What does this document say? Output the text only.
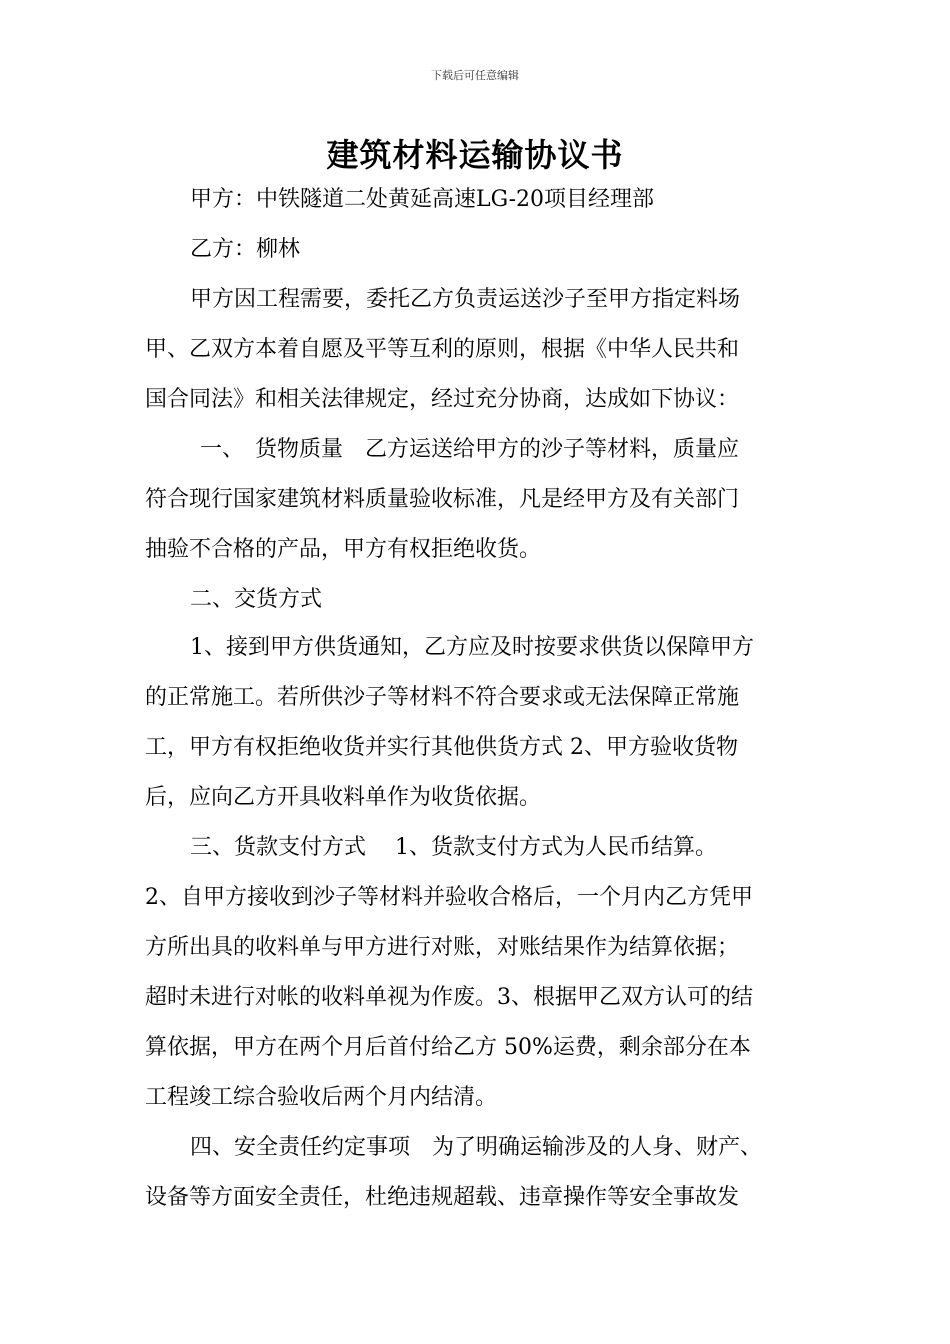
下载后可任意编辑
建筑材料运输协议书
甲方：中铁隧道二处黄延高速LG-20项目经理部
乙方：柳林
甲方因工程需要，委托乙方负责运送沙子至甲方指定料场
甲、乙双方本着自愿及平等互利的原则，根据《中华人民共和
国合同法》和相关法律规定，经过充分协商，达成如下协议：
一、　货物质量　乙方运送给甲方的沙子等材料，质量应
符合现行国家建筑材料质量验收标准，凡是经甲方及有关部门
抽验不合格的产品，甲方有权拒绝收货。
二、交货方式
1、接到甲方供货通知，乙方应及时按要求供货以保障甲方
的正常施工。若所供沙子等材料不符合要求或无法保障正常施
工，甲方有权拒绝收货并实行其他供货方式 2、甲方验收货物
后，应向乙方开具收料单作为收货依据。
三、货款支付方式　 1、货款支付方式为人民币结算。
2、自甲方接收到沙子等材料并验收合格后，一个月内乙方凭甲
方所出具的收料单与甲方进行对账，对账结果作为结算依据；
超时未进行对帐的收料单视为作废。3、根据甲乙双方认可的结
算依据，甲方在两个月后首付给乙方 50%运费，剩余部分在本
工程竣工综合验收后两个月内结清。
四、安全责任约定事项　为了明确运输涉及的人身、财产、
设备等方面安全责任，杜绝违规超载、违章操作等安全事故发
